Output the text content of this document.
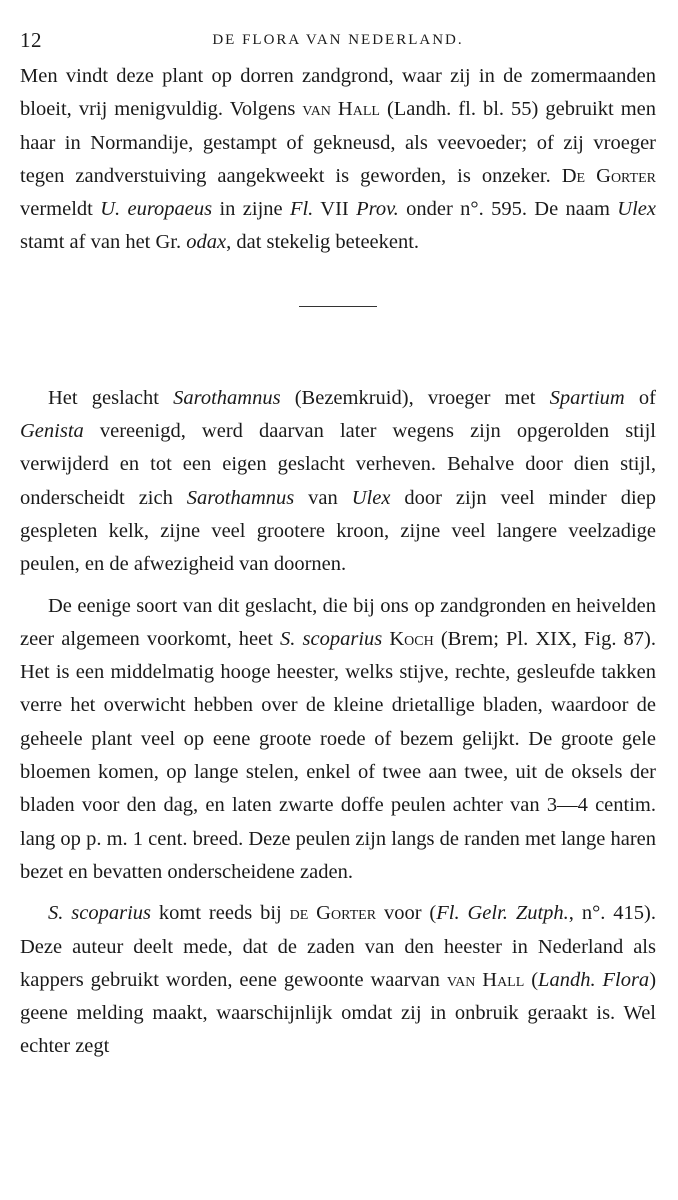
12	DE FLORA VAN NEDERLAND.

Men vindt deze plant op dorren zandgrond, waar zij in de zomermaanden bloeit, vrij menigvuldig. Volgens van Hall (Landh. fl. bl. 55) gebruikt men haar in Normandije, gestampt of gekneusd, als veevoeder; of zij vroeger tegen zandverstuiving aangekweekt is geworden, is onzeker. De Gorter vermeldt U. europaeus in zijne Fl. VII Prov. onder n°. 595. De naam Ulex stamt af van het Gr. odax, dat stekelig beteekent.

Het geslacht Sarothamnus (Bezemkruid), vroeger met Spartium of Genista vereenigd, werd daarvan later wegens zijn opgerolden stijl verwijderd en tot een eigen geslacht verheven. Behalve door dien stijl, onderscheidt zich Sarothamnus van Ulex door zijn veel minder diep gespleten kelk, zijne veel grootere kroon, zijne veel langere veelzadige peulen, en de afwezigheid van doornen.

De eenige soort van dit geslacht, die bij ons op zandgronden en heivelden zeer algemeen voorkomt, heet S. scoparius Koch (Brem; Pl. XIX, Fig. 87). Het is een middelmatig hooge heester, welks stijve, rechte, gesleufde takken verre het overwicht hebben over de kleine drietallige bladen, waardoor de geheele plant veel op eene groote roede of bezem gelijkt. De groote gele bloemen komen, op lange stelen, enkel of twee aan twee, uit de oksels der bladen voor den dag, en laten zwarte doffe peulen achter van 3—4 centim. lang op p. m. 1 cent. breed. Deze peulen zijn langs de randen met lange haren bezet en bevatten onderscheidene zaden.

S. scoparius komt reeds bij de Gorter voor (Fl. Gelr. Zutph., n°. 415). Deze auteur deelt mede, dat de zaden van den heester in Nederland als kappers gebruikt worden, eene gewoonte waarvan van Hall (Landh. Flora) geene melding maakt, waarschijnlijk omdat zij in onbruik geraakt is. Wel echter zegt
